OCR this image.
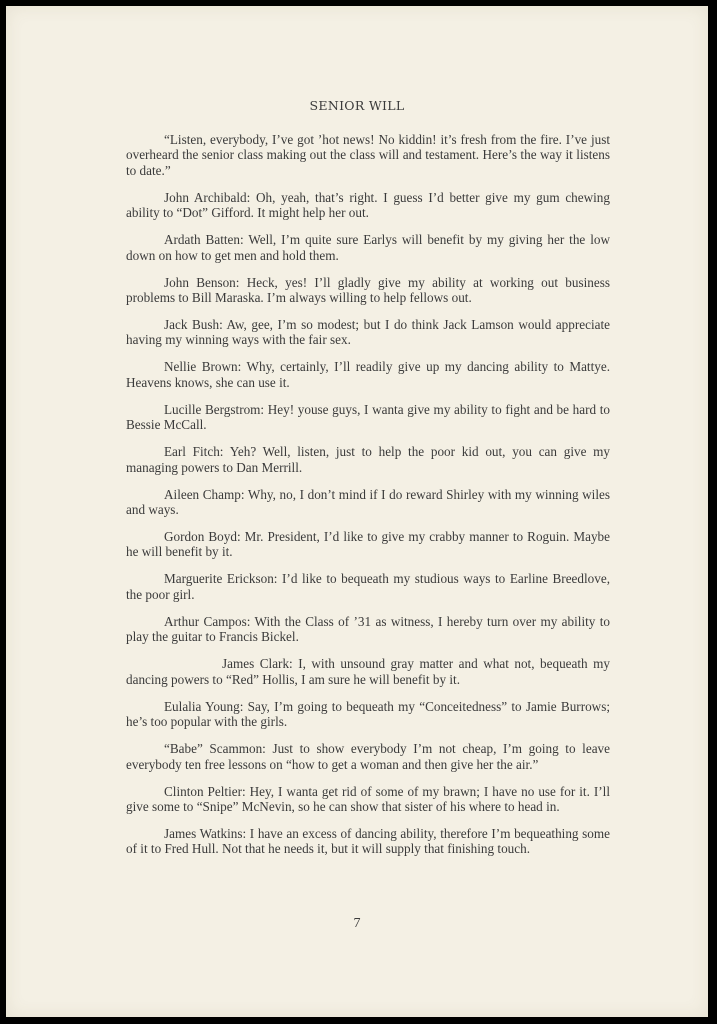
SENIOR WILL

“Listen, everybody, I’ve got ’hot news! No kiddin! it’s fresh from the fire. I’ve just overheard the senior class making out the class will and testament. Here’s the way it listens to date.”

John Archibald: Oh, yeah, that’s right. I guess I’d better give my gum chewing ability to “Dot” Gifford. It might help her out.

Ardath Batten: Well, I’m quite sure Earlys will benefit by my giving her the low down on how to get men and hold them.

John Benson: Heck, yes! I’ll gladly give my ability at working out business problems to Bill Maraska. I’m always willing to help fellows out.

Jack Bush: Aw, gee, I’m so modest; but I do think Jack Lamson would appreciate having my winning ways with the fair sex.

Nellie Brown: Why, certainly, I’ll readily give up my dancing ability to Mattye. Heavens knows, she can use it.

Lucille Bergstrom: Hey! youse guys, I wanta give my ability to fight and be hard to Bessie McCall.

Earl Fitch: Yeh? Well, listen, just to help the poor kid out, you can give my managing powers to Dan Merrill.

Aileen Champ: Why, no, I don’t mind if I do reward Shirley with my winning wiles and ways.

Gordon Boyd: Mr. President, I’d like to give my crabby manner to Roguin. Maybe he will benefit by it.

Marguerite Erickson: I’d like to bequeath my studious ways to Earline Breedlove, the poor girl.

Arthur Campos: With the Class of ’31 as witness, I hereby turn over my ability to play the guitar to Francis Bickel.

James Clark: I, with unsound gray matter and what not, bequeath my dancing powers to “Red” Hollis, I am sure he will benefit by it.

Eulalia Young: Say, I’m going to bequeath my “Conceitedness” to Jamie Burrows; he’s too popular with the girls.

“Babe” Scammon: Just to show everybody I’m not cheap, I’m going to leave everybody ten free lessons on “how to get a woman and then give her the air.”

Clinton Peltier: Hey, I wanta get rid of some of my brawn; I have no use for it. I’ll give some to “Snipe” McNevin, so he can show that sister of his where to head in.

James Watkins: I have an excess of dancing ability, therefore I’m bequeathing some of it to Fred Hull. Not that he needs it, but it will supply that finishing touch.

7
